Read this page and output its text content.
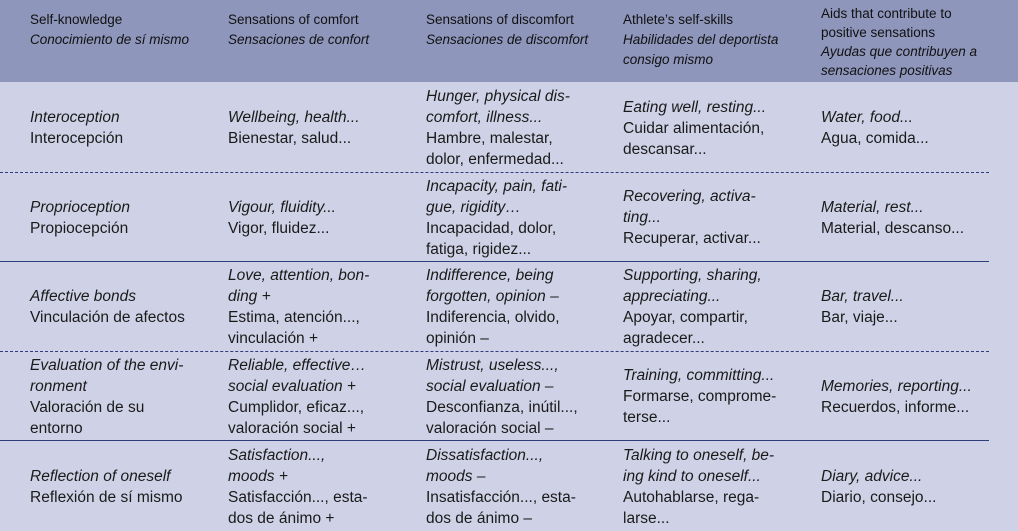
Self-knowledge
Conocimiento de sí mismo
Sensations of comfort
Sensaciones de confort
Sensations of discomfort
Sensaciones de discomfort
Athlete’s self-skills
Habilidades del deportista
consigo mismo
Aids that contribute to
positive sensations
Ayudas que contribuyen a
sensaciones positivas
Interoception
Interocepción
Wellbeing, health...
Bienestar, salud...
Hunger, physical dis-
comfort, illness...
Hambre, malestar,
dolor, enfermedad...
Eating well, resting...
Cuidar alimentación,
descansar...
Water, food...
Agua, comida...
Proprioception
Propiocepción
Vigour, fluidity...
Vigor, fluidez...
Incapacity, pain, fati-
gue, rigidity…
Incapacidad, dolor,
fatiga, rigidez...
Recovering, activa-
ting...
Recuperar, activar...
Material, rest...
Material, descanso...
Affective bonds
Vinculación de afectos
Love, attention, bon-
ding +
Estima, atención...,
vinculación +
Indifference, being
forgotten, opinion –
Indiferencia, olvido,
opinión –
Supporting, sharing,
appreciating...
Apoyar, compartir,
agradecer...
Bar, travel...
Bar, viaje...
Evaluation of the envi-
ronment
Valoración de su
entorno
Reliable, effective…
social evaluation +
Cumplidor, eficaz...,
valoración social +
Mistrust, useless...,
social evaluation –
Desconfianza, inútil...,
valoración social –
Training, committing...
Formarse, comprome-
terse...
Memories, reporting...
Recuerdos, informe...
Reflection of oneself
Reflexión de sí mismo
Satisfaction...,
moods +
Satisfacción..., esta-
dos de ánimo +
Dissatisfaction...,
moods –
Insatisfacción..., esta-
dos de ánimo –
Talking to oneself, be-
ing kind to oneself...
Autohablarse, rega-
larse...
Diary, advice...
Diario, consejo...
